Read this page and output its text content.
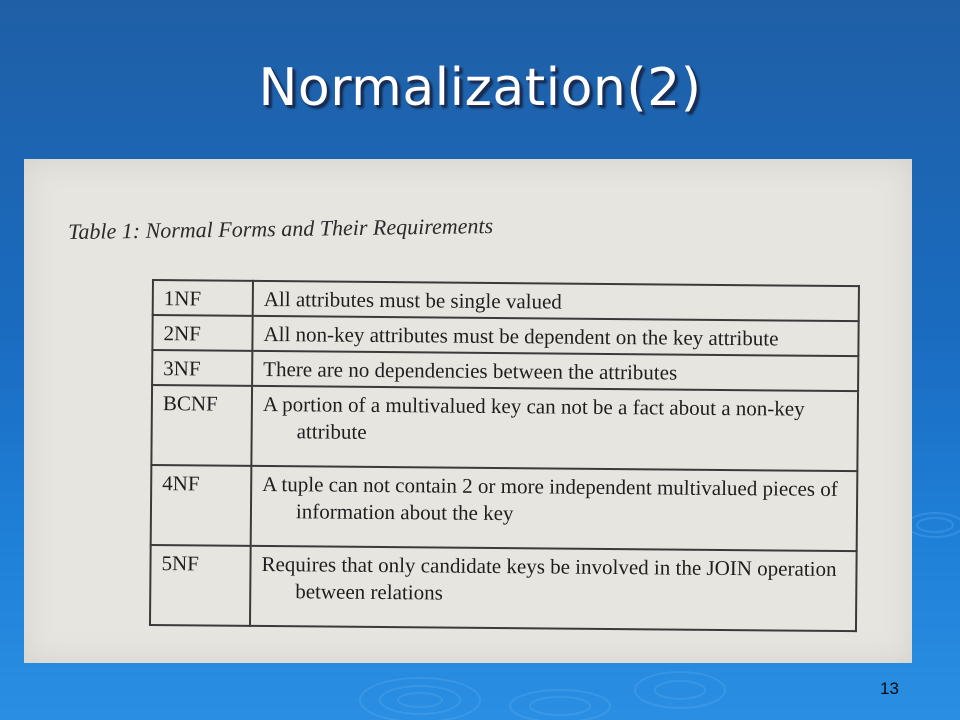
Normalization(2)
Table 1: Normal Forms and Their Requirements
1NF	All attributes must be single valued
2NF	All non-key attributes must be dependent on the key attribute
3NF	There are no dependencies between the attributes
BCNF	A portion of a multivalued key can not be a fact about a non-key
attribute

4NF	A tuple can not contain 2 or more independent multivalued pieces of
information about the key

5NF	Requires that only candidate keys be involved in the JOIN operation
between relations
13
